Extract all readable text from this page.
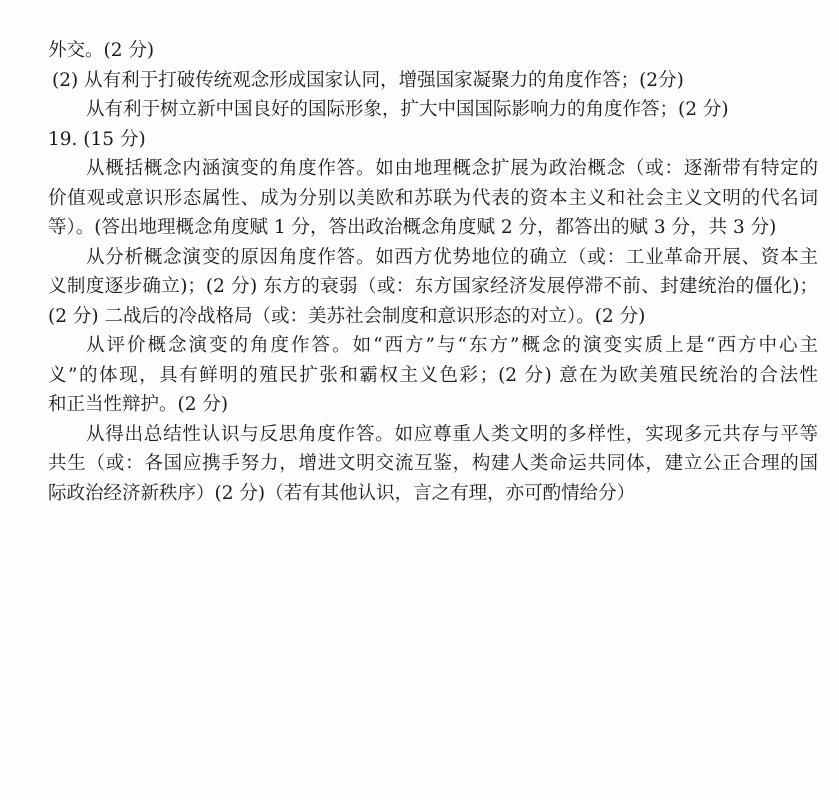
外交。(2 分)
(2) 从有利于打破传统观念形成国家认同，增强国家凝聚力的角度作答；(2分)
从有利于树立新中国良好的国际形象，扩大中国国际影响力的角度作答；(2 分)
19. (15 分)
从概括概念内涵演变的角度作答。如由地理概念扩展为政治概念（或：逐渐带有特定的
价值观或意识形态属性、成为分别以美欧和苏联为代表的资本主义和社会主义文明的代名词
等）。(答出地理概念角度赋 1 分，答出政治概念角度赋 2 分，都答出的赋 3 分，共 3 分)
从分析概念演变的原因角度作答。如西方优势地位的确立（或：工业革命开展、资本主
义制度逐步确立)；(2 分) 东方的衰弱（或：东方国家经济发展停滞不前、封建统治的僵化)；
(2 分) 二战后的冷战格局（或：美苏社会制度和意识形态的对立）。(2 分)
从评价概念演变的角度作答。如“西方”与“东方”概念的演变实质上是“西方中心主
义”的体现，具有鲜明的殖民扩张和霸权主义色彩；(2 分) 意在为欧美殖民统治的合法性
和正当性辩护。(2 分)
从得出总结性认识与反思角度作答。如应尊重人类文明的多样性，实现多元共存与平等
共生（或：各国应携手努力，增进文明交流互鉴，构建人类命运共同体，建立公正合理的国
际政治经济新秩序）(2 分)（若有其他认识，言之有理，亦可酌情给分）
